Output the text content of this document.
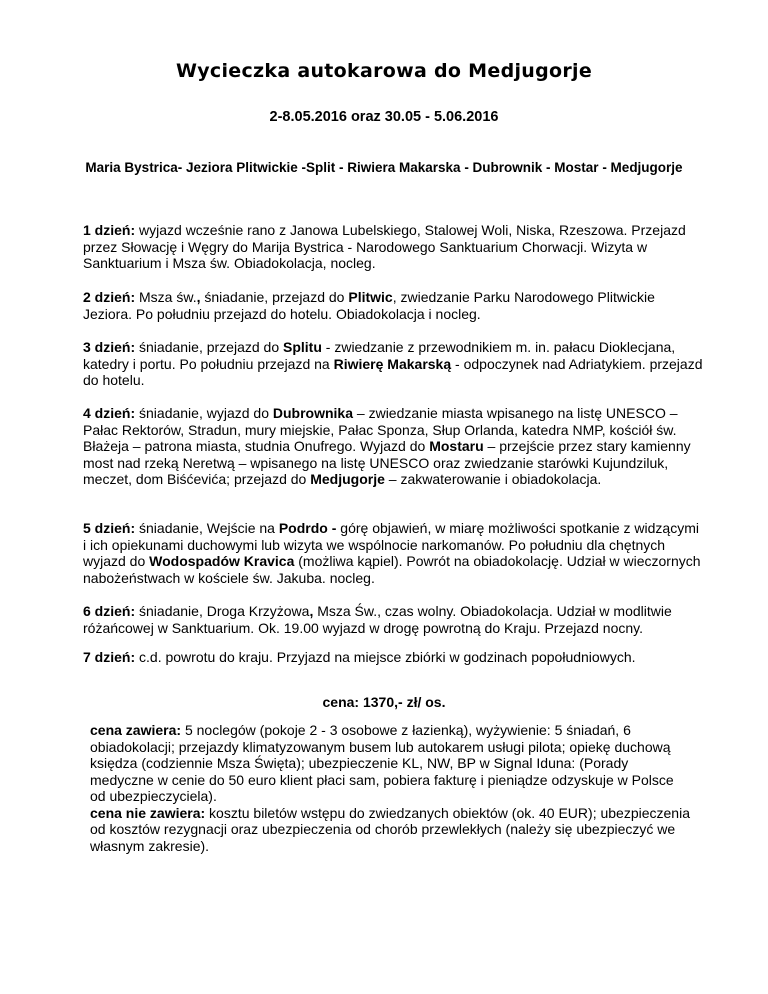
Wycieczka autokarowa do Medjugorje
2-8.05.2016 oraz 30.05 - 5.06.2016
Maria Bystrica- Jeziora Plitwickie -Split - Riwiera Makarska - Dubrownik - Mostar - Medjugorje
1 dzień: wyjazd wcześnie rano z Janowa Lubelskiego, Stalowej Woli, Niska, Rzeszowa. Przejazd przez Słowację i Węgry do Marija Bystrica - Narodowego Sanktuarium Chorwacji. Wizyta w Sanktuarium i Msza św. Obiadokolacja, nocleg.
2 dzień: Msza św., śniadanie, przejazd do Plitwic, zwiedzanie Parku Narodowego Plitwickie Jeziora. Po południu przejazd do hotelu. Obiadokolacja i nocleg.
3 dzień: śniadanie, przejazd do Splitu - zwiedzanie z przewodnikiem m. in. pałacu Dioklecjana, katedry i portu. Po południu przejazd na Riwierę Makarską - odpoczynek nad Adriatykiem. przejazd do hotelu.
4 dzień: śniadanie, wyjazd do Dubrownika – zwiedzanie miasta wpisanego na listę UNESCO – Pałac Rektorów, Stradun, mury miejskie, Pałac Sponza, Słup Orlanda, katedra NMP, kościół św. Błażeja – patrona miasta, studnia Onufrego. Wyjazd do Mostaru – przejście przez stary kamienny most nad rzeką Neretwą – wpisanego na listę UNESCO oraz zwiedzanie starówki Kujundziluk, meczet, dom Biśćevića; przejazd do Medjugorje – zakwaterowanie i obiadokolacja.
5 dzień: śniadanie, Wejście na Podrdo - górę objawień, w miarę możliwości spotkanie z widzącymi i ich opiekunami duchowymi lub wizyta we wspólnocie narkomanów. Po południu dla chętnych wyjazd do Wodospadów Kravica (możliwa kąpiel). Powrót na obiadokolację. Udział w wieczornych nabożeństwach w kościele św. Jakuba. nocleg.
6 dzień: śniadanie, Droga Krzyżowa, Msza Św., czas wolny. Obiadokolacja. Udział w modlitwie różańcowej w Sanktuarium. Ok. 19.00 wyjazd w drogę powrotną do Kraju. Przejazd nocny.
7 dzień: c.d. powrotu do kraju. Przyjazd na miejsce zbiórki w godzinach popołudniowych.
cena: 1370,- zł/ os.
cena zawiera: 5 noclegów (pokoje 2 - 3 osobowe z łazienką), wyżywienie: 5 śniadań, 6 obiadokolacji; przejazdy klimatyzowanym busem lub autokarem usługi pilota; opiekę duchową księdza (codziennie Msza Święta); ubezpieczenie KL, NW, BP w Signal Iduna: (Porady medyczne w cenie do 50 euro klient płaci sam, pobiera fakturę i pieniądze odzyskuje w Polsce od ubezpieczyciela).
cena nie zawiera: kosztu biletów wstępu do zwiedzanych obiektów (ok. 40 EUR); ubezpieczenia od kosztów rezygnacji oraz ubezpieczenia od chorób przewlekłych (należy się ubezpieczyć we własnym zakresie).
